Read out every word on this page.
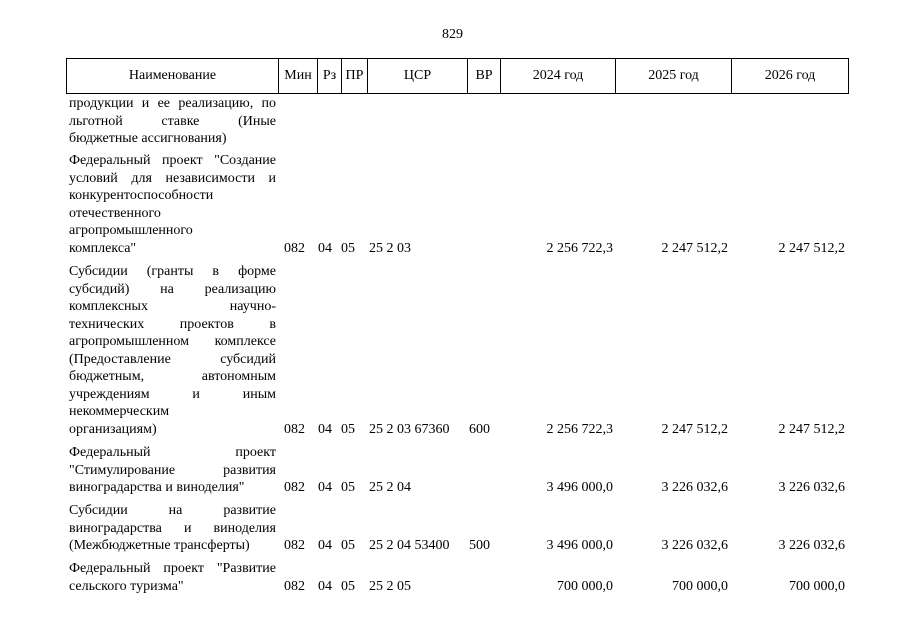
829
Наименование	Мин Рз ПР	ЦСР	ВР	2024 год	2025 год	2026 год
продукции и ее реализацию, по
льготной ставке (Иные
бюджетные ассигнования)
Федеральный проект "Создание
условий для независимости и
конкурентоспособности
отечественного
агропромышленного
комплекса"	082 04 05 25 2 03	2 256 722,3	2 247 512,2	2 247 512,2
Субсидии (гранты в форме
субсидий) на реализацию
комплексных научно-
технических проектов в
агропромышленном комплексе
(Предоставление субсидий
бюджетным, автономным
учреждениям и иным
некоммерческим
организациям)	082 04 05 25 2 03 67360 600	2 256 722,3	2 247 512,2	2 247 512,2
Федеральный проект
"Стимулирование развития
виноградарства и виноделия"	082 04 05 25 2 04	3 496 000,0	3 226 032,6	3 226 032,6
Субсидии на развитие
виноградарства и виноделия
(Межбюджетные трансферты)	082 04 05 25 2 04 53400 500	3 496 000,0	3 226 032,6	3 226 032,6
Федеральный проект "Развитие
сельского туризма"	082 04 05 25 2 05	700 000,0	700 000,0	700 000,0
